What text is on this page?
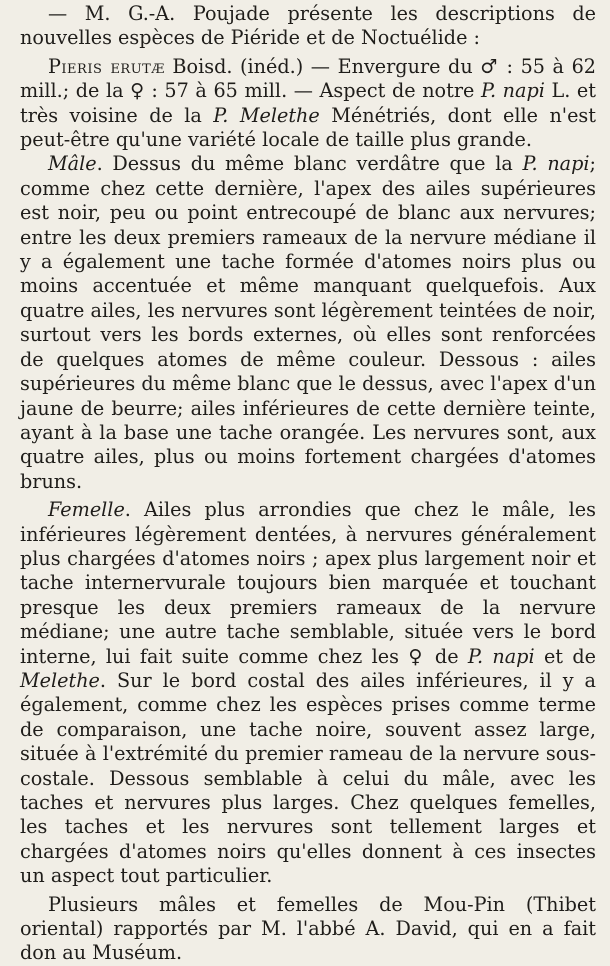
— M. G.-A. Poujade présente les descriptions de nouvelles espèces de Piéride et de Noctuélide :

Pieris erutæ Boisd. (inéd.) — Envergure du ♂ : 55 à 62 mill.; de la ♀ : 57 à 65 mill. — Aspect de notre P. napi L. et très voisine de la P. Melethe Ménétriés, dont elle n'est peut-être qu'une variété locale de taille plus grande.

Mâle. Dessus du même blanc verdâtre que la P. napi; comme chez cette dernière, l'apex des ailes supérieures est noir, peu ou point entrecoupé de blanc aux nervures; entre les deux premiers rameaux de la nervure médiane il y a également une tache formée d'atomes noirs plus ou moins accentuée et même manquant quelquefois. Aux quatre ailes, les nervures sont légèrement teintées de noir, surtout vers les bords externes, où elles sont renforcées de quelques atomes de même couleur. Dessous : ailes supérieures du même blanc que le dessus, avec l'apex d'un jaune de beurre; ailes inférieures de cette dernière teinte, ayant à la base une tache orangée. Les nervures sont, aux quatre ailes, plus ou moins fortement chargées d'atomes bruns.

Femelle. Ailes plus arrondies que chez le mâle, les inférieures légèrement dentées, à nervures généralement plus chargées d'atomes noirs ; apex plus largement noir et tache internervurale toujours bien marquée et touchant presque les deux premiers rameaux de la nervure médiane; une autre tache semblable, située vers le bord interne, lui fait suite comme chez les ♀ de P. napi et de Melethe. Sur le bord costal des ailes inférieures, il y a également, comme chez les espèces prises comme terme de comparaison, une tache noire, souvent assez large, située à l'extrémité du premier rameau de la nervure sous-costale. Dessous semblable à celui du mâle, avec les taches et nervures plus larges. Chez quelques femelles, les taches et les nervures sont tellement larges et chargées d'atomes noirs qu'elles donnent à ces insectes un aspect tout particulier.

Plusieurs mâles et femelles de Mou-Pin (Thibet oriental) rapportés par M. l'abbé A. David, qui en a fait don au Muséum.
